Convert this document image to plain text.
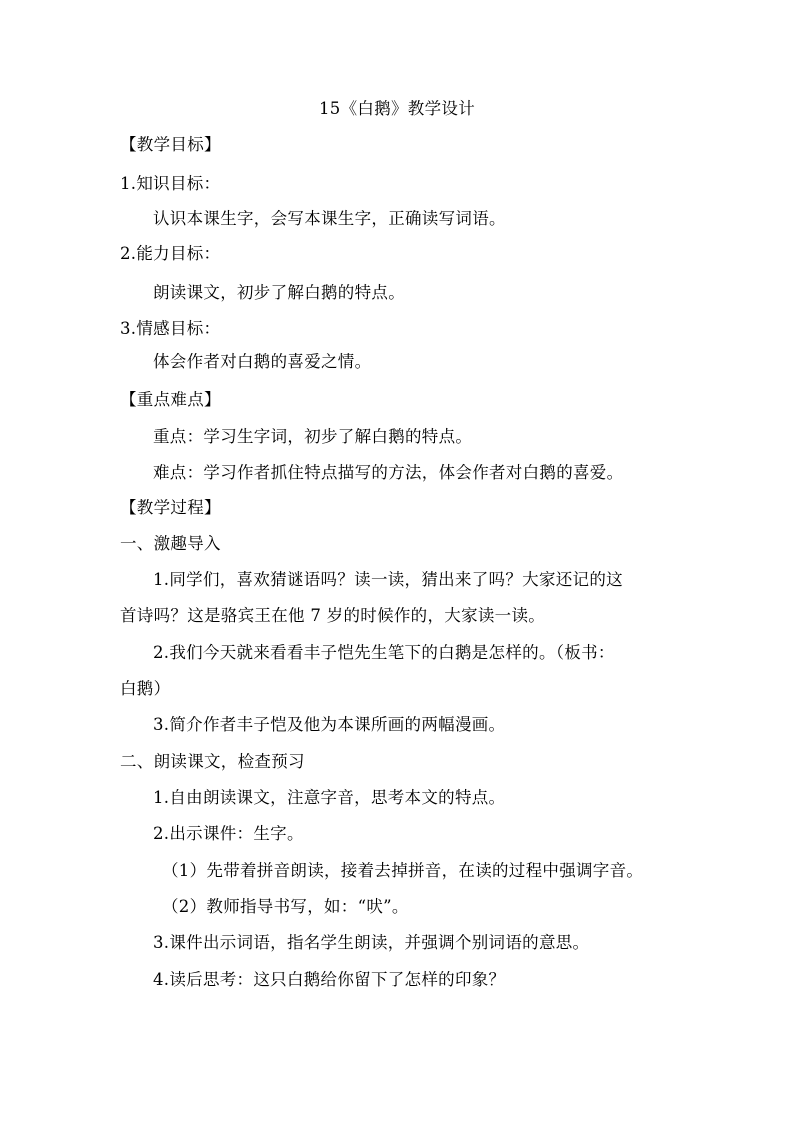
15《白鹅》教学设计
【教学目标】
1.知识目标：
认识本课生字，会写本课生字，正确读写词语。
2.能力目标：
朗读课文，初步了解白鹅的特点。
3.情感目标：
体会作者对白鹅的喜爱之情。
【重点难点】
重点：学习生字词，初步了解白鹅的特点。
难点：学习作者抓住特点描写的方法，体会作者对白鹅的喜爱。
【教学过程】
一、激趣导入
1.同学们，喜欢猜谜语吗？读一读，猜出来了吗？大家还记的这
首诗吗？这是骆宾王在他 7 岁的时候作的，大家读一读。
2.我们今天就来看看丰子恺先生笔下的白鹅是怎样的。（板书：
白鹅）
3.简介作者丰子恺及他为本课所画的两幅漫画。
二、朗读课文，检查预习
1.自由朗读课文，注意字音，思考本文的特点。
2.出示课件：生字。
（1）先带着拼音朗读，接着去掉拼音，在读的过程中强调字音。
（2）教师指导书写，如：“吠”。
3.课件出示词语，指名学生朗读，并强调个别词语的意思。
4.读后思考：这只白鹅给你留下了怎样的印象？
